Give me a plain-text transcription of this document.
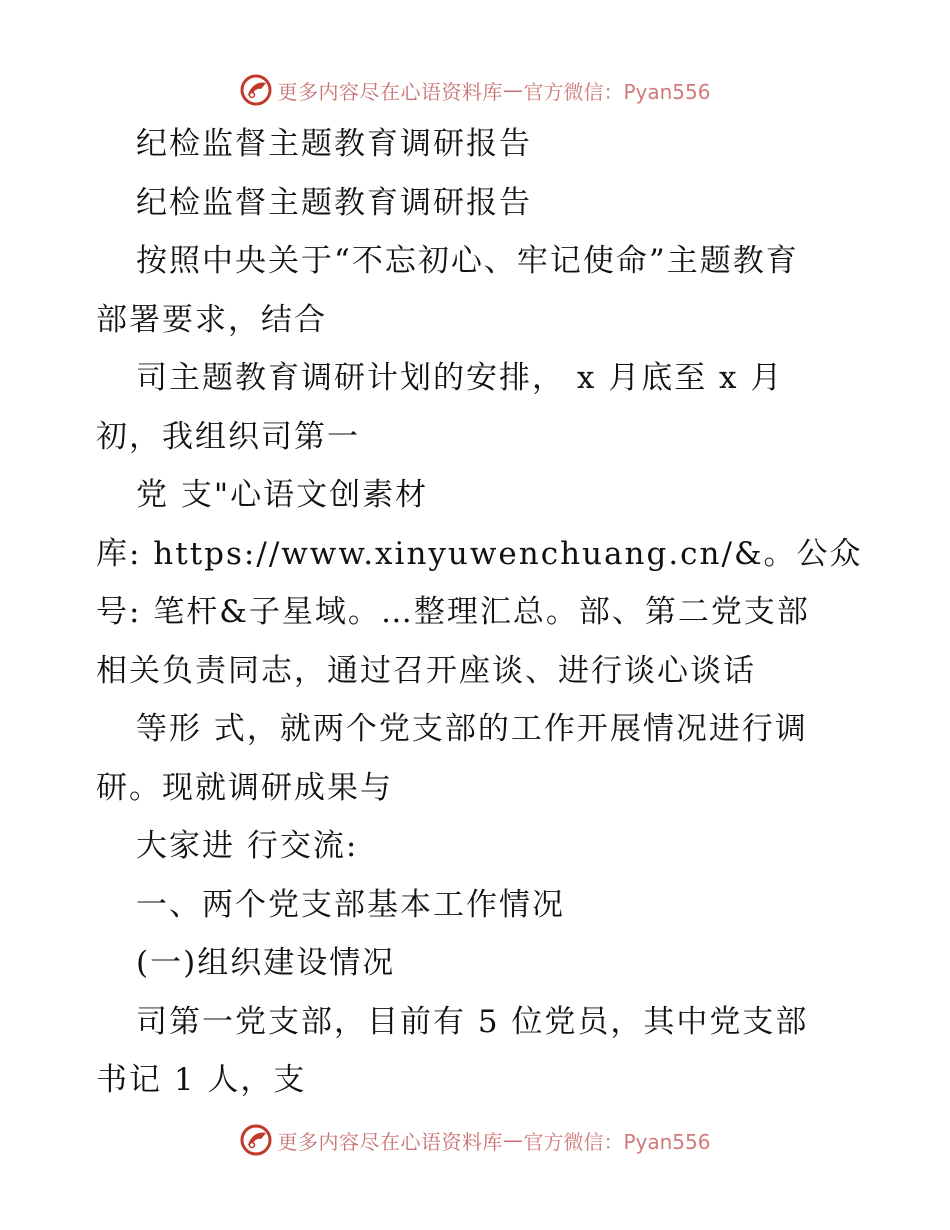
更多内容尽在心语资料库 — 官方微信：Pyan556
纪检监督主题教育调研报告
纪检监督主题教育调研报告
按照中央关于“不忘初心、牢记使命”主题教育
部署要求，结合
司主题教育调研计划的安排， x 月底至 x 月
初，我组织司第一
党 支"心语文创素材
库: https://www.xinyuwenchuang.cn/&。公众
号: 笔杆&子星域。…整理汇总。部、第二党支部
相关负责同志，通过召开座谈、进行谈心谈话
等形 式，就两个党支部的工作开展情况进行调
研。现就调研成果与
大家进 行交流:
一、两个党支部基本工作情况
(一)组织建设情况
司第一党支部，目前有 5 位党员，其中党支部
书记 1 人，支
更多内容尽在心语资料库 — 官方微信：Pyan556
